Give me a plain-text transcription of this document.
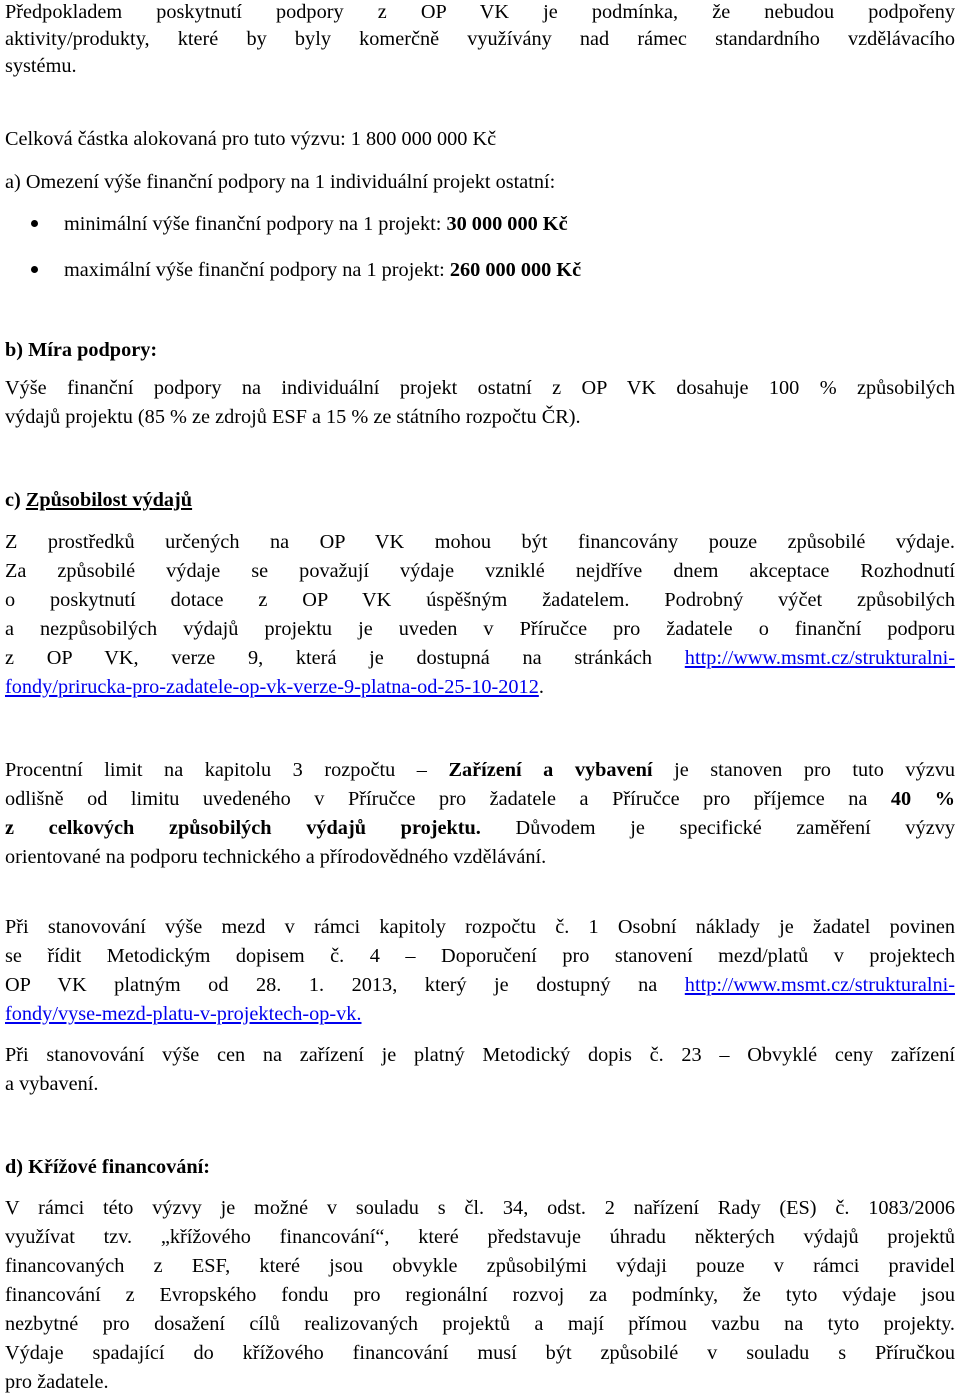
Předpokladem poskytnutí podpory z OP VK je podmínka, že nebudou podpořeny
aktivity/produkty, které by byly komerčně využívány nad rámec standardního vzdělávacího
systému.
Celková částka alokovaná pro tuto výzvu: 1 800 000 000 Kč
a) Omezení výše finanční podpory na 1 individuální projekt ostatní:
minimální výše finanční podpory na 1 projekt: 30 000 000 Kč
maximální výše finanční podpory na 1 projekt: 260 000 000 Kč
b) Míra podpory:
Výše finanční podpory na individuální projekt ostatní z OP VK dosahuje 100 % způsobilých
výdajů projektu (85 % ze zdrojů ESF a 15 % ze státního rozpočtu ČR).
c) Způsobilost výdajů
Z prostředků určených na OP VK mohou být financovány pouze způsobilé výdaje.
Za způsobilé výdaje se považují výdaje vzniklé nejdříve dnem akceptace Rozhodnutí
o poskytnutí dotace z OP VK úspěšným žadatelem. Podrobný výčet způsobilých
a nezpůsobilých výdajů projektu je uveden v Příručce pro žadatele o finanční podporu
z OP VK, verze 9, která je dostupná na stránkách http://www.msmt.cz/strukturalni-
fondy/prirucka-pro-zadatele-op-vk-verze-9-platna-od-25-10-2012.
Procentní limit na kapitolu 3 rozpočtu – Zařízení a vybavení je stanoven pro tuto výzvu
odlišně od limitu uvedeného v Příručce pro žadatele a Příručce pro příjemce na 40 %
z celkových způsobilých výdajů projektu. Důvodem je specifické zaměření výzvy
orientované na podporu technického a přírodovědného vzdělávání.
Při stanovování výše mezd v rámci kapitoly rozpočtu č. 1 Osobní náklady je žadatel povinen
se řídit Metodickým dopisem č. 4 – Doporučení pro stanovení mezd/platů v projektech
OP VK platným od 28. 1. 2013, který je dostupný na http://www.msmt.cz/strukturalni-
fondy/vyse-mezd-platu-v-projektech-op-vk.
Při stanovování výše cen na zařízení je platný Metodický dopis č. 23 – Obvyklé ceny zařízení
a vybavení.
d) Křížové financování:
V rámci této výzvy je možné v souladu s čl. 34, odst. 2 nařízení Rady (ES) č. 1083/2006
využívat tzv. „křížového financování“, které představuje úhradu některých výdajů projektů
financovaných z ESF, které jsou obvykle způsobilými výdaji pouze v rámci pravidel
financování z Evropského fondu pro regionální rozvoj za podmínky, že tyto výdaje jsou
nezbytné pro dosažení cílů realizovaných projektů a mají přímou vazbu na tyto projekty.
Výdaje spadající do křížového financování musí být způsobilé v souladu s Příručkou
pro žadatele.
